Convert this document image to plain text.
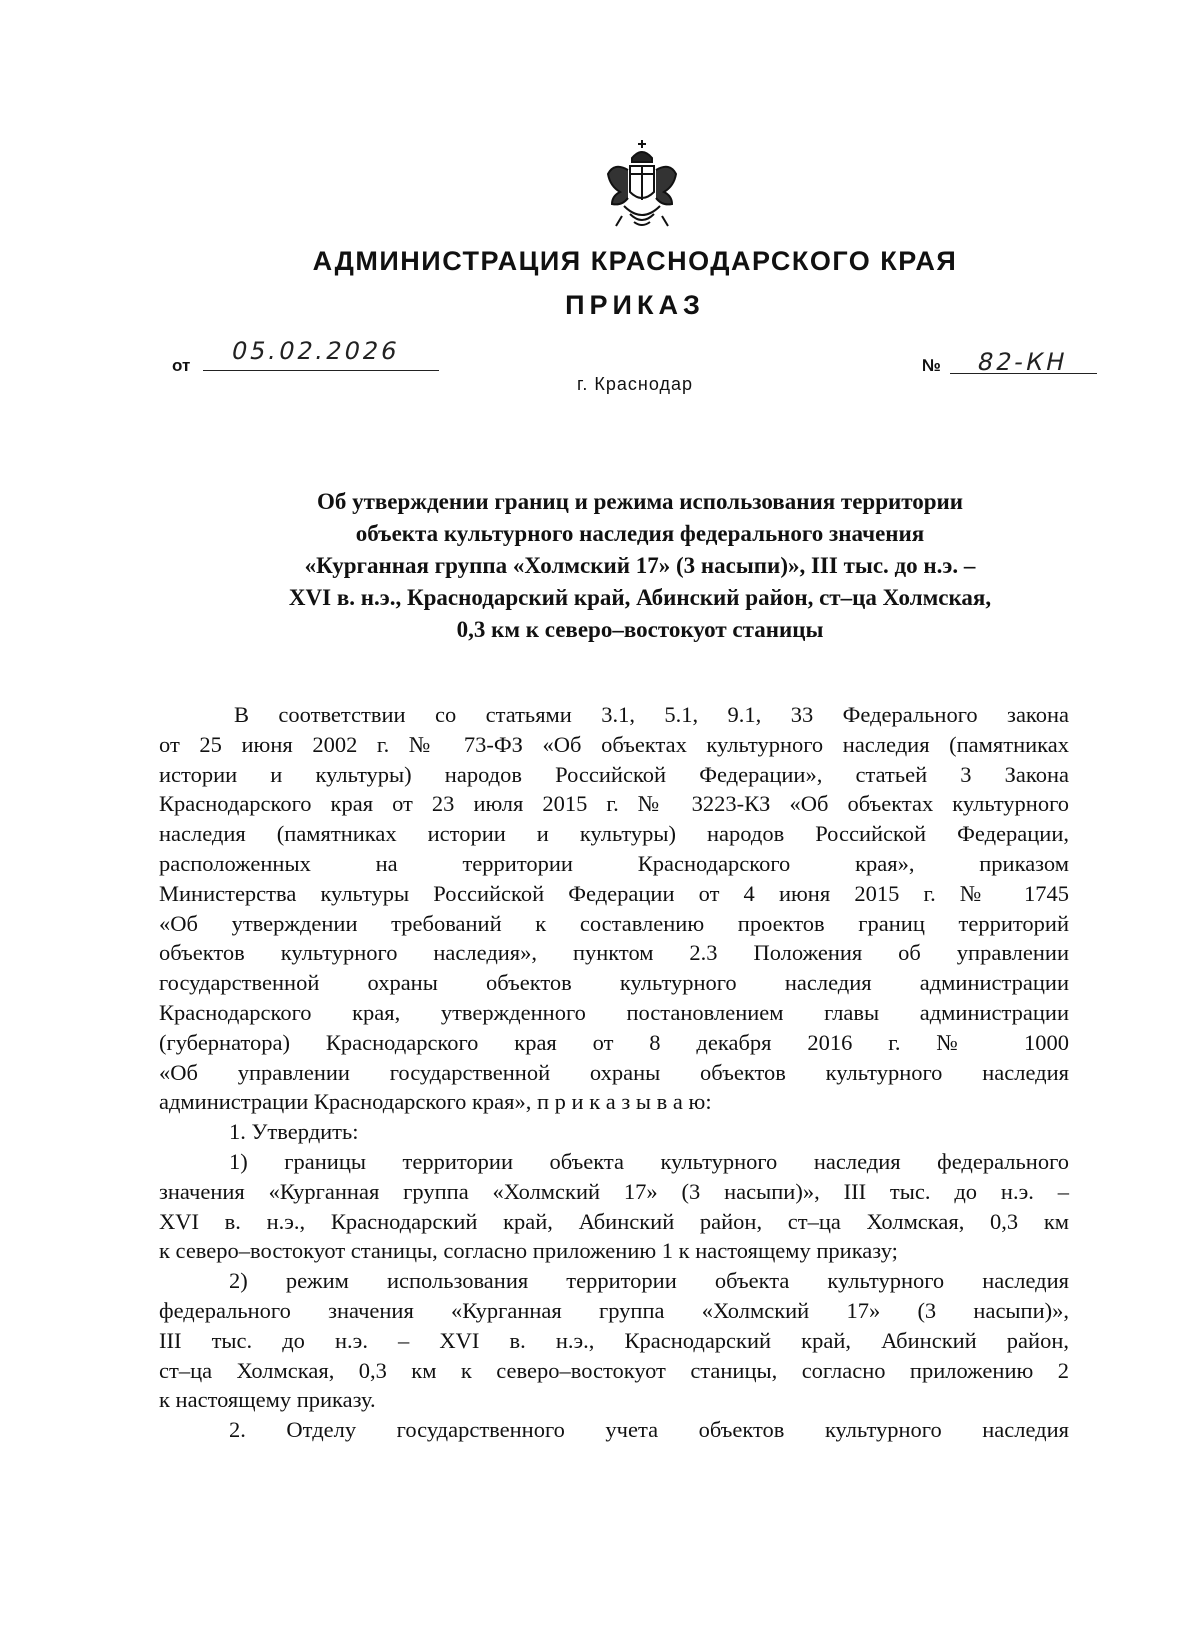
АДМИНИСТРАЦИЯ КРАСНОДАРСКОГО КРАЯ
ПРИКАЗ
от
05.02.2026
г. Краснодар
№ 82-КН
Об утверждении границ и режима использования территории
объекта культурного наследия федерального значения
«Курганная группа «Холмский 17» (3 насыпи)», III тыс. до н.э. –
XVI в. н.э., Краснодарский край, Абинский район, ст–ца Холмская,
0,3 км к северо–востокуот станицы
В соответствии со статьями 3.1, 5.1, 9.1, 33 Федерального закона
от 25 июня 2002 г. № 73-ФЗ «Об объектах культурного наследия (памятниках
истории и культуры) народов Российской Федерации», статьей 3 Закона
Краснодарского края от 23 июля 2015 г. № 3223-КЗ «Об объектах культурного
наследия (памятниках истории и культуры) народов Российской Федерации,
расположенных на территории Краснодарского края», приказом
Министерства культуры Российской Федерации от 4 июня 2015 г. № 1745
«Об утверждении требований к составлению проектов границ территорий
объектов культурного наследия», пунктом 2.3 Положения об управлении
государственной охраны объектов культурного наследия администрации
Краснодарского края, утвержденного постановлением главы администрации
(губернатора) Краснодарского края от 8 декабря 2016 г. № 1000
«Об управлении государственной охраны объектов культурного наследия
администрации Краснодарского края», п р и к а з ы в а ю:
1. Утвердить:
1) границы территории объекта культурного наследия федерального
значения «Курганная группа «Холмский 17» (3 насыпи)», III тыс. до н.э. –
XVI в. н.э., Краснодарский край, Абинский район, ст–ца Холмская, 0,3 км
к северо–востокуот станицы, согласно приложению 1 к настоящему приказу;
2) режим использования территории объекта культурного наследия
федерального значения «Курганная группа «Холмский 17» (3 насыпи)»,
III тыс. до н.э. – XVI в. н.э., Краснодарский край, Абинский район,
ст–ца Холмская, 0,3 км к северо–востокуот станицы, согласно приложению 2
к настоящему приказу.
2. Отделу государственного учета объектов культурного наследия
